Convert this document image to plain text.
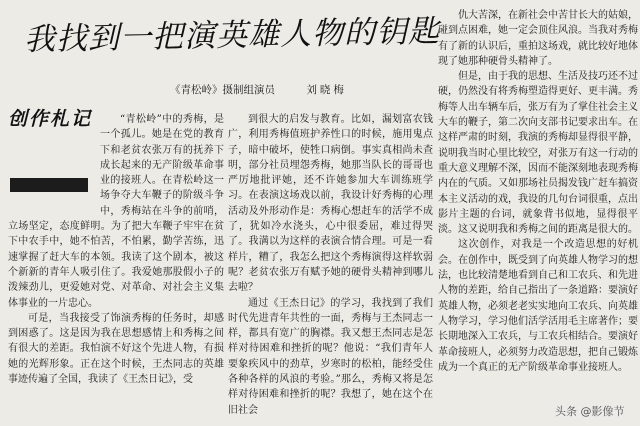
我找到一把演英雄人物的钥匙
《青松岭》摄制组演员	刘晓梅
创作札记	“青松岭”中的秀梅，是一个孤儿。她是在党的教育下和老贫农张万有的抚养下成长起来的无产阶级革命事业的接班人。在青松岭这一场争夺大车鞭子的阶级斗争中，秀梅站在斗争的前哨，立场坚定，态度鲜明。为了把大车鞭子牢牢在贫下中农手中，她不怕苦，不怕累，勤学苦练，迅速掌握了赶大车的本领。我读了这个剧本，被这个新新的青年人吸引住了。我爱她那股假小子的泼辣劲儿，更爱她对党、对革命、对社会主义集体事业的一片忠心。

可是，当我接受了饰演秀梅的任务时，却感到困惑了。这是因为我在思想感情上和秀梅之间有很大的差距。我怕演不好这个先进人物，有损她的光辉形象。正在这个时候，王杰同志的英雄事迹传遍了全国，我读了《王杰日记》，受

到很大的启发与教育。比如，漏划富农钱广，利用秀梅值班护养性口的时候，施用鬼点子，暗中破坏，使牲口病倒。事实真相尚未查明，部分社员埋怨秀梅，她那当队长的哥哥也严厉地批评她，还不许她参加大车训练班学习。在表演这场戏以前，我设计好秀梅的心理活动及外形动作是：秀梅心想赶车的活学不成了，犹如冷水浇头，心中很委屈，难过得哭了。我满以为这样的表演合情合理。可是一看样片，糟了，我怎么把这个秀梅演得这样软弱呢？老贫农张万有赋予她的硬骨头精神到哪儿去啦？

通过《王杰日记》的学习，我找到了我们时代先进青年共性的一面，秀梅与王杰同志一样，都具有宽广的胸襟。我又想王杰同志是怎样对待困难和挫折的呢？他说：“我们青年人要象疾风中的劲草，岁寒时的松柏，能经受住各种各样的风浪的考验。”那么，秀梅又将是怎样对待困难和挫折的呢？我想了，她在这个在旧社会

仇大苦深，在新社会中苦甘长大的姑娘，碰到点困难，她一定会顶住风浪。当我对秀梅有了新的认识后，重拍这场戏，就比较好地体现了她那种硬骨头精神了。

但是，由于我的思想、生活及技巧还不过硬，仍然没有将秀梅塑造得更好、更丰满。秀梅等人出车辆车后，张万有为了掌住社会主义大车的鞭子，第二次向支部书记要求出车。在这样严肃的时刻，我演的秀梅却显得很平静，说明我当时心里比较空，对张万有这一行动的重大意义理解不深，因而不能深刻地表现秀梅内在的气质。又如那场社员揭发钱广赶车搞资本主义活动的戏，我设的几句台词很重，点出影片主题的台词，就象背书似地，显得很平淡。这又说明我和秀梅之间的距离是很大的。

这次创作，对我是一个改造思想的好机会。在创作中，既受到了向英雄人物学习的想法，也比较清楚地看到自己和工农兵、和先进人物的差距，给自己指出了一条道路：要演好英雄人物，必须老老实实地向工农兵、向英雄人物学习，学习他们活学活用毛主席著作；要长期地深入工农兵，与工农兵相结合。要演好革命接班人，必须努力改造思想，把自己锻炼成为一个真正的无产阶级革命事业接班人。

头条 @影像节
